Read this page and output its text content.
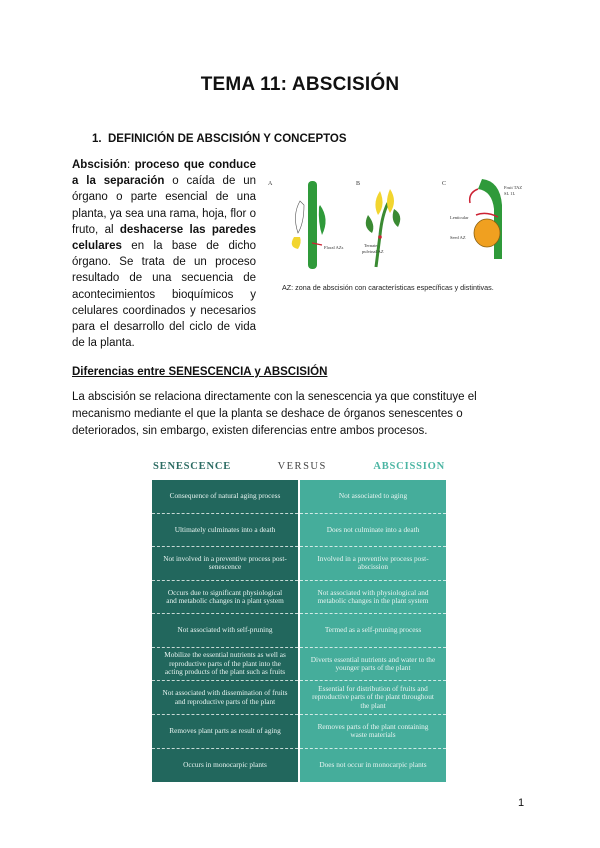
TEMA 11: ABSCISIÓN
1. DEFINICIÓN DE ABSCISIÓN Y CONCEPTOS
Abscisión: proceso que conduce a la separación o caída de un órgano o parte esencial de una planta, ya sea una rama, hoja, flor o fruto, al deshacerse las paredes celulares en la base de dicho órgano. Se trata de un proceso resultado de una secuencia de acontecimientos bioquímicos y celulares coordinados y necesarios para el desarrollo del ciclo de vida de la planta.
A
Floral AZs
B
Ternate
pulvinal AZ
C
Fruit TAZ
SL 1L
Lenticular
Seed AZ
AZ: zona de abscisión con características específicas y distintivas.
Diferencias entre SENESCENCIA y ABSCISIÓN
La abscisión se relaciona directamente con la senescencia ya que constituye el mecanismo mediante el que la planta se deshace de órganos senescentes o deteriorados, sin embargo, existen diferencias entre ambos procesos.
SENESCENCE	VERSUS	ABSCISSION
Consequence of natural aging process
Ultimately culminates into a death
Not involved in a preventive process post-senescence
Occurs due to significant physiological and metabolic changes in a plant system
Not associated with self-pruning
Mobilize the essential nutrients as well as reproductive parts of the plant into the acting products of the plant such as fruits
Not associated with dissemination of fruits and reproductive parts of the plant
Removes plant parts as result of aging
Occurs in monocarpic plants
Not associated to aging
Does not culminate into a death
Involved in a preventive process post-abscission
Not associated with physiological and metabolic changes in the plant system
Termed as a self-pruning process
Diverts essential nutrients and water to the younger parts of the plant
Essential for distribution of fruits and reproductive parts of the plant throughout the plant
Removes parts of the plant containing waste materials
Does not occur in monocarpic plants
1
